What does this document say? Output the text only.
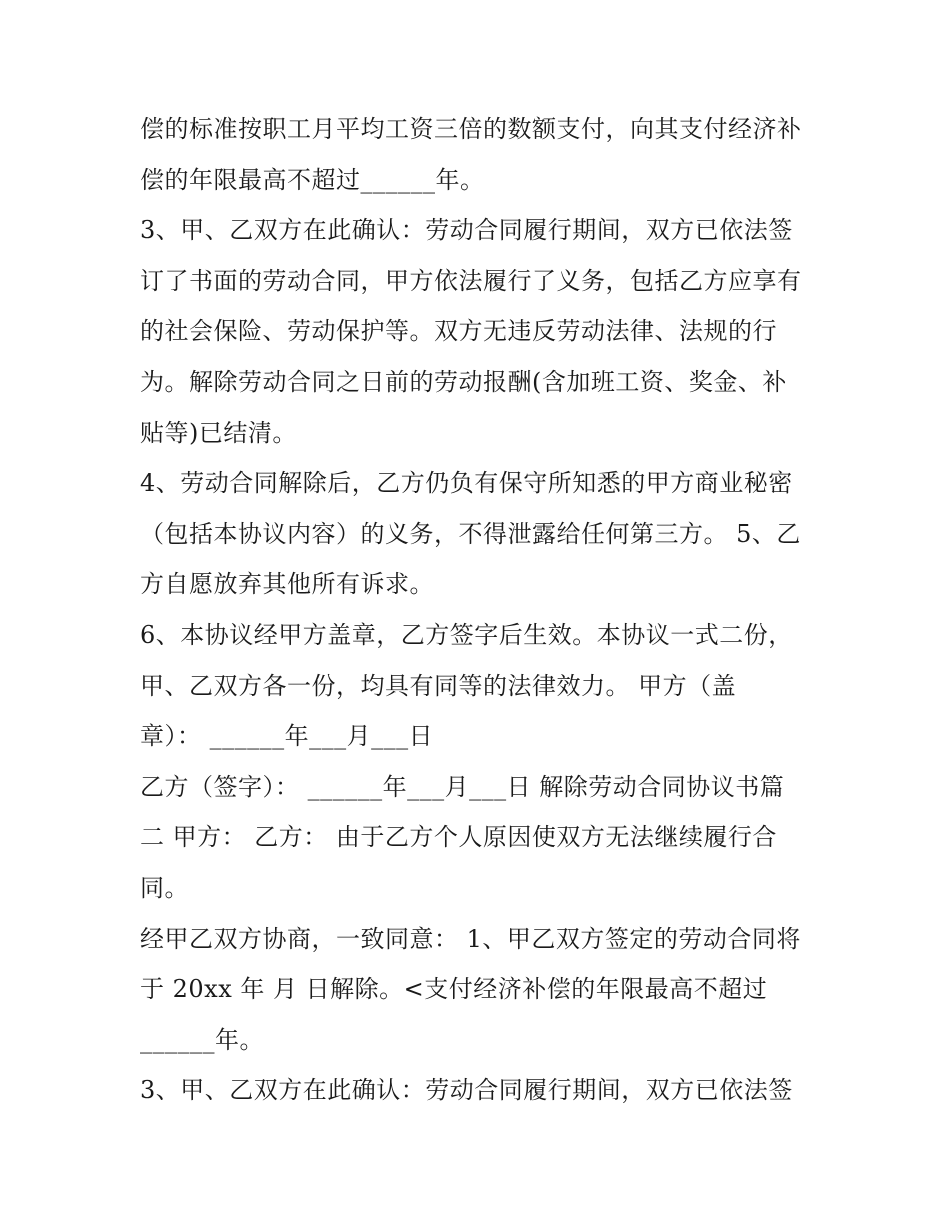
偿的标准按职工月平均工资三倍的数额支付，向其支付经济补
偿的年限最高不超过______年。
3、甲、乙双方在此确认：劳动合同履行期间，双方已依法签
订了书面的劳动合同，甲方依法履行了义务，包括乙方应享有
的社会保险、劳动保护等。双方无违反劳动法律、法规的行
为。解除劳动合同之日前的劳动报酬(含加班工资、奖金、补
贴等)已结清。
4、劳动合同解除后，乙方仍负有保守所知悉的甲方商业秘密
（包括本协议内容）的义务，不得泄露给任何第三方。 5、乙
方自愿放弃其他所有诉求。
6、本协议经甲方盖章，乙方签字后生效。本协议一式二份，
甲、乙双方各一份，均具有同等的法律效力。 甲方（盖
章）： ______年___月___日
乙方（签字）： ______年___月___日 解除劳动合同协议书篇
二 甲方： 乙方： 由于乙方个人原因使双方无法继续履行合
同。
经甲乙双方协商，一致同意： 1、甲乙双方签定的劳动合同将
于 20xx 年 月 日解除。<支付经济补偿的年限最高不超过
______年。
3、甲、乙双方在此确认：劳动合同履行期间，双方已依法签
